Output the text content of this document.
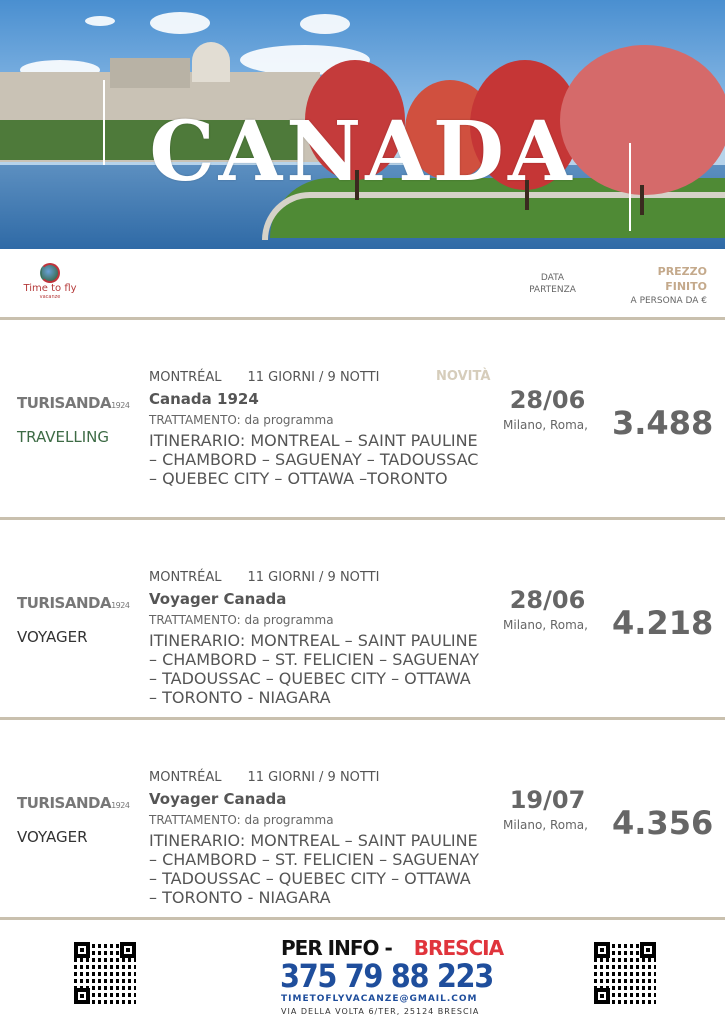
CANADA
Time to fly
vacanze
DATA
PARTENZA
PREZZO
FINITO
A PERSONA DA €
TURISANDA1924
TRAVELLING
MONTRÉAL 11 GIORNI / 9 NOTTI	NOVITÀ
Canada 1924
TRATTAMENTO: da programma
ITINERARIO: MONTREAL – SAINT PAULINE – CHAMBORD – SAGUENAY – TADOUSSAC – QUEBEC CITY – OTTAWA –TORONTO
28/06
Milano, Roma, 3.488
TURISANDA1924
VOYAGER
MONTRÉAL 11 GIORNI / 9 NOTTI
Voyager Canada
TRATTAMENTO: da programma
ITINERARIO: MONTREAL – SAINT PAULINE – CHAMBORD – ST. FELICIEN – SAGUENAY – TADOUSSAC – QUEBEC CITY – OTTAWA – TORONTO - NIAGARA
28/06
Milano, Roma, 4.218
TURISANDA1924
VOYAGER
MONTRÉAL 11 GIORNI / 9 NOTTI
Voyager Canada
TRATTAMENTO: da programma
ITINERARIO: MONTREAL – SAINT PAULINE – CHAMBORD – ST. FELICIEN – SAGUENAY – TADOUSSAC – QUEBEC CITY – OTTAWA – TORONTO - NIAGARA
19/07
Milano, Roma, 4.356
PER INFO - BRESCIA
375 79 88 223
TIMETOFLYVACANZE@GMAIL.COM
VIA DELLA VOLTA 6/TER, 25124 BRESCIA
